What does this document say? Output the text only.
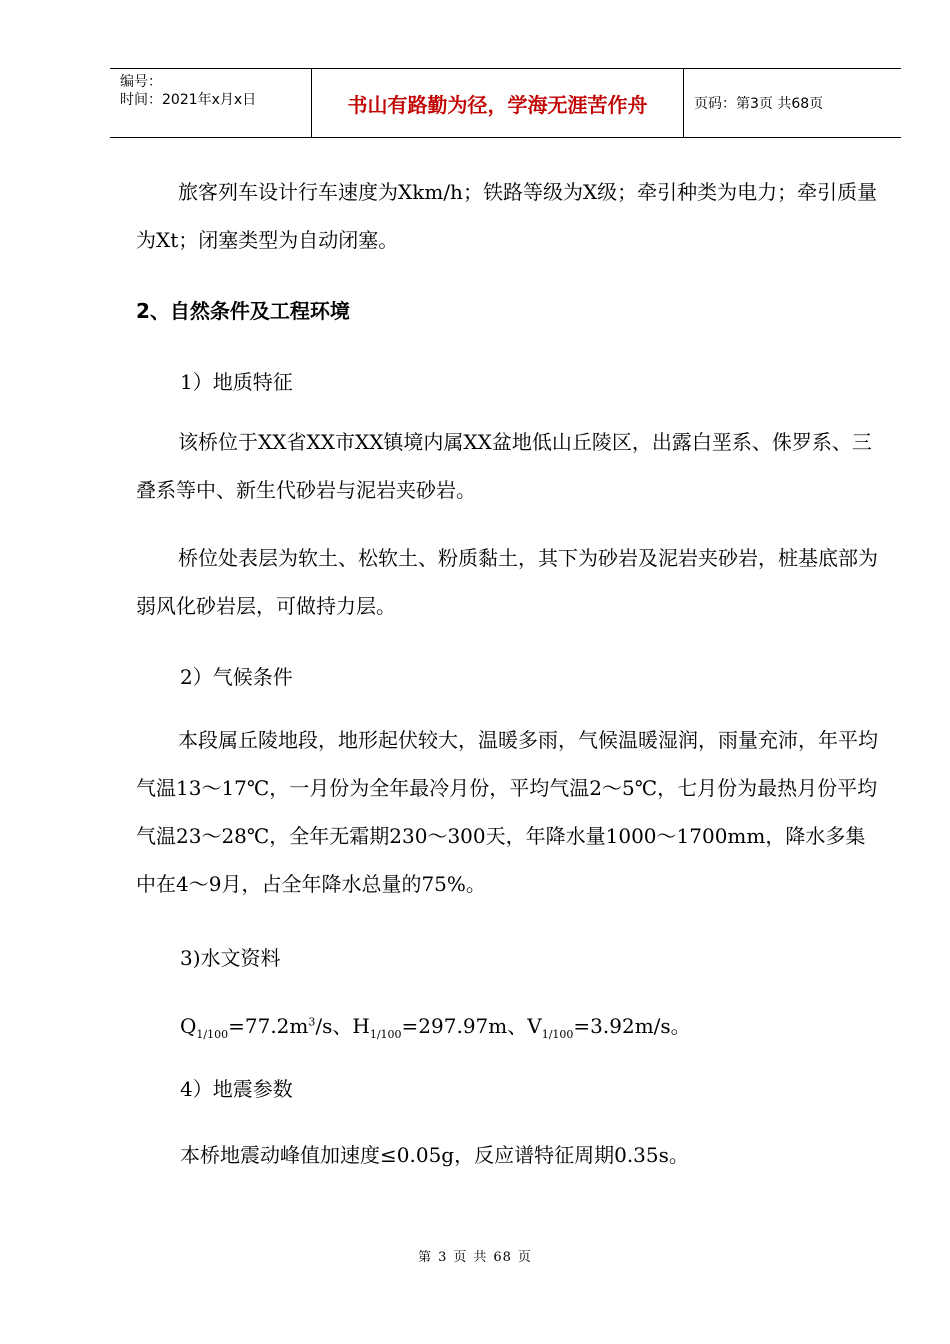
编号：
时间：2021年x月x日	书山有路勤为径，学海无涯苦作舟	页码：第3页 共68页

旅客列车设计行车速度为Xkm/h；铁路等级为X级；牵引种类为电力；牵引质量为Xt；闭塞类型为自动闭塞。

2、自然条件及工程环境

1）地质特征

该桥位于XX省XX市XX镇境内属XX盆地低山丘陵区，出露白垩系、侏罗系、三叠系等中、新生代砂岩与泥岩夹砂岩。

桥位处表层为软土、松软土、粉质黏土，其下为砂岩及泥岩夹砂岩，桩基底部为弱风化砂岩层，可做持力层。

2）气候条件

本段属丘陵地段，地形起伏较大，温暖多雨，气候温暖湿润，雨量充沛，年平均气温13～17℃，一月份为全年最冷月份，平均气温2～5℃，七月份为最热月份平均气温23～28℃，全年无霜期230～300天，年降水量1000～1700mm，降水多集中在4～9月，占全年降水总量的75%。

3)水文资料

$Q_{1/100}=77.2m^3/s$、$H_{1/100}=297.97m$、$V_{1/100}=3.92m/s$。

4）地震参数

本桥地震动峰值加速度≤0.05g，反应谱特征周期0.35s。

第 3 页 共 68 页
